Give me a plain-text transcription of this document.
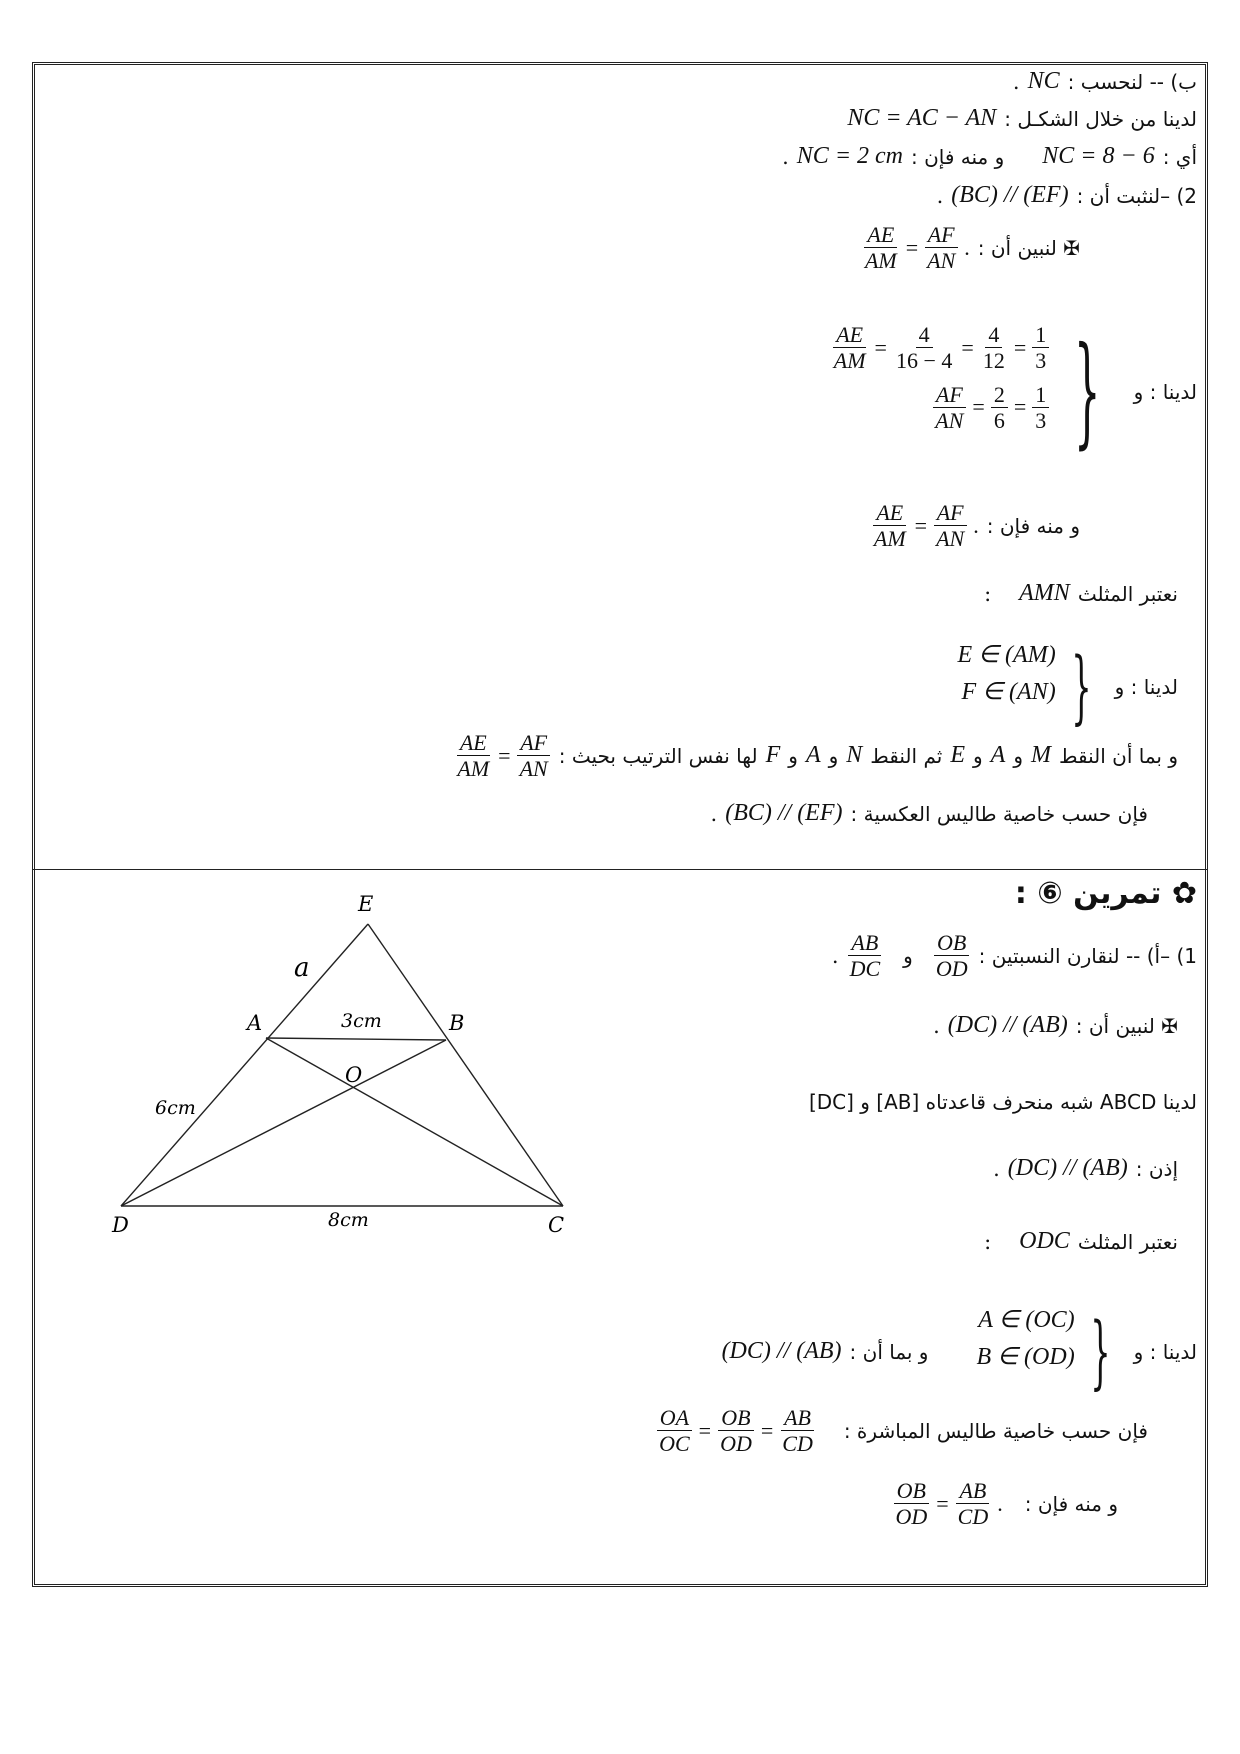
ب) -- لنحسب :
NC
.
لدينا من خلال الشكـل :
NC = AC − AN
أي :
NC = 8 − 6
و منه فإن :
NC = 2 cm
.
2) –لنثبت أن :
(BC) // (EF)
.
✠ لنبين أن :
$\frac{AE}{AM} = \frac{AF}{AN}$ .
لدينا : و
$\frac{AE}{AM} = \frac{4}{16 - 4} = \frac{4}{12} = \frac{1}{3}$
$\frac{AF}{AN} = \frac{2}{6} = \frac{1}{3}$ }
و منه فإن :
$\frac{AE}{AM} = \frac{AF}{AN}$ .
نعتبر المثلث
AMN
:
لدينا : و
E ∈ (AM)
F ∈ (AN) }
و بما أن النقط
M
و
A
و
E
ثم النقط
N
و
A
و
F
لها نفس الترتيب بحيث :
$\frac{AE}{AM} = \frac{AF}{AN}$
فإن حسب خاصية طاليس العكسية :
(BC) // (EF)
.
✿ تمرين ⑥ :
1) –أ) -- لنقارن النسبتين :
$\frac{AB}{DC}$ و $\frac{OB}{OD}$
.
✠ لنبين أن :
(DC) // (AB)
.
لدينا ABCD شبه منحرف قاعدتاه [AB] و [DC]
إذن :
(DC) // (AB)
.
نعتبر المثلث
ODC
:
لدينا : و
A ∈ (OC)
B ∈ (OD) }
و بما أن :
(DC) // (AB)
فإن حسب خاصية طاليس المباشرة :
$\frac{OA}{OC} = \frac{OB}{OD} = \frac{AB}{CD}$
و منه فإن :
$\frac{OB}{OD} = \frac{AB}{CD}$ .
E
A	B
O
D	C
a
3cm
6cm
8cm
